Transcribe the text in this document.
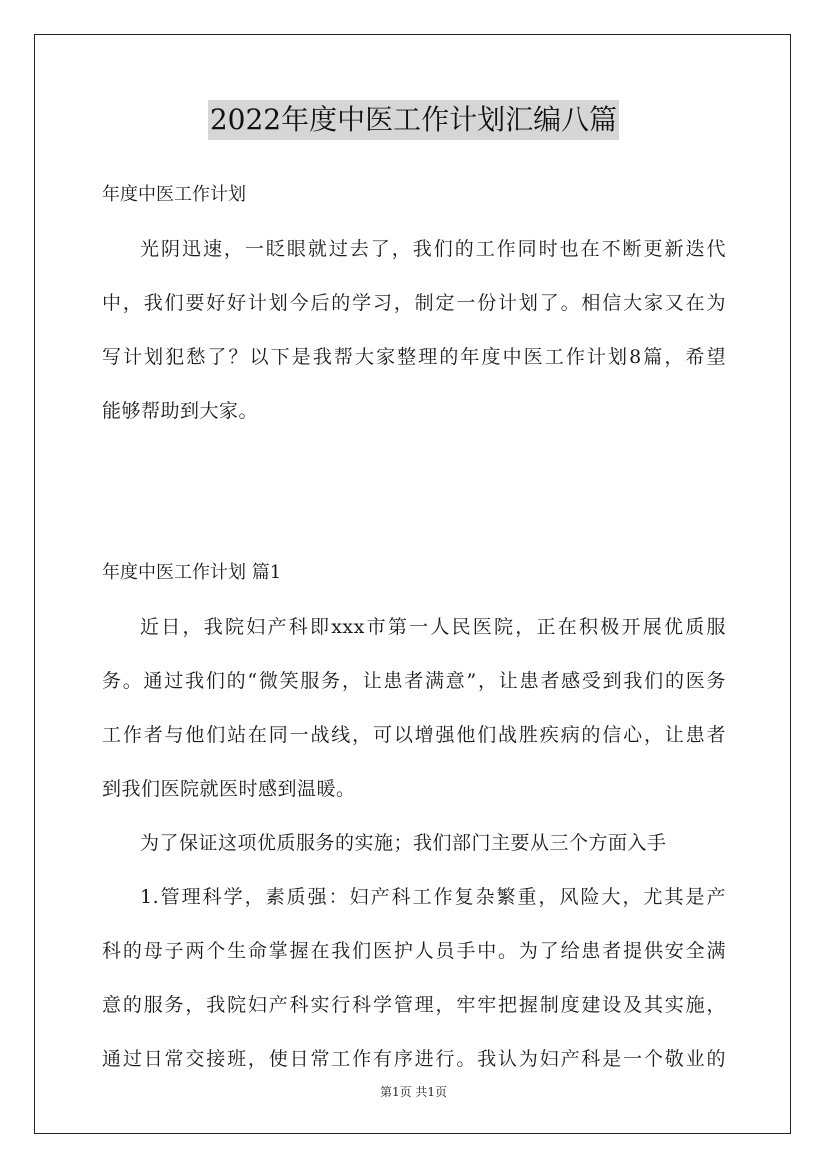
2022年度中医工作计划汇编八篇
年度中医工作计划
光阴迅速，一眨眼就过去了，我们的工作同时也在不断更新迭代
中，我们要好好计划今后的学习，制定一份计划了。相信大家又在为
写计划犯愁了？以下是我帮大家整理的年度中医工作计划8篇，希望
能够帮助到大家。
年度中医工作计划 篇1
近日，我院妇产科即xxx市第一人民医院，正在积极开展优质服
务。通过我们的“微笑服务，让患者满意”，让患者感受到我们的医务
工作者与他们站在同一战线，可以增强他们战胜疾病的信心，让患者
到我们医院就医时感到温暖。
为了保证这项优质服务的实施；我们部门主要从三个方面入手
1.管理科学，素质强：妇产科工作复杂繁重，风险大，尤其是产
科的母子两个生命掌握在我们医护人员手中。为了给患者提供安全满
意的服务，我院妇产科实行科学管理，牢牢把握制度建设及其实施，
通过日常交接班，使日常工作有序进行。我认为妇产科是一个敬业的
第1页 共1页
